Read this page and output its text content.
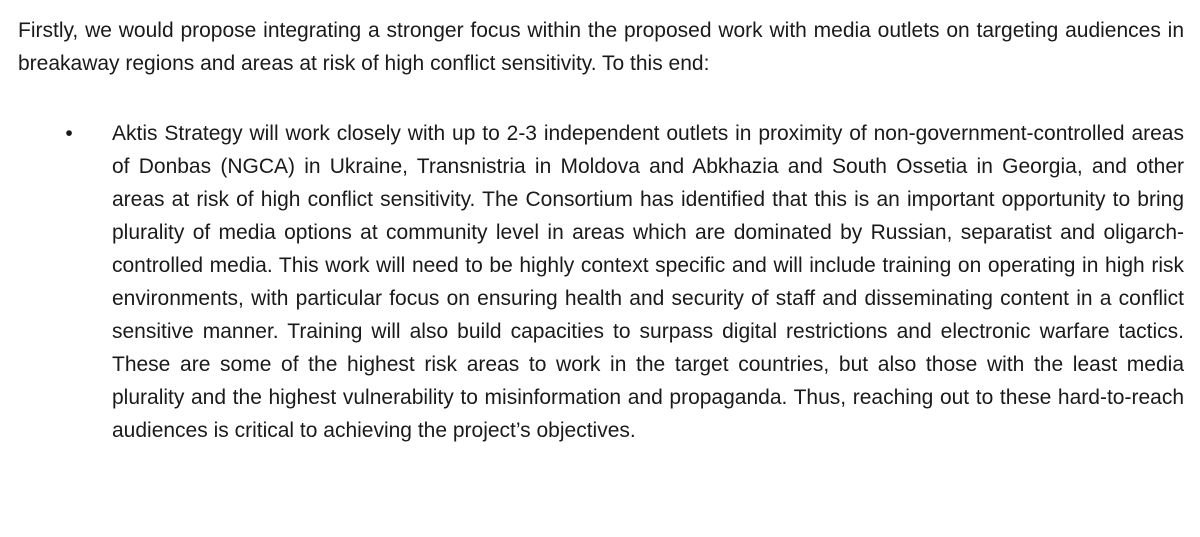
Firstly, we would propose integrating a stronger focus within the proposed work with media outlets on targeting audiences in breakaway regions and areas at risk of high conflict sensitivity. To this end:

• Aktis Strategy will work closely with up to 2-3 independent outlets in proximity of non-government-controlled areas of Donbas (NGCA) in Ukraine, Transnistria in Moldova and Abkhazia and South Ossetia in Georgia, and other areas at risk of high conflict sensitivity. The Consortium has identified that this is an important opportunity to bring plurality of media options at community level in areas which are dominated by Russian, separatist and oligarch-controlled media. This work will need to be highly context specific and will include training on operating in high risk environments, with particular focus on ensuring health and security of staff and disseminating content in a conflict sensitive manner. Training will also build capacities to surpass digital restrictions and electronic warfare tactics. These are some of the highest risk areas to work in the target countries, but also those with the least media plurality and the highest vulnerability to misinformation and propaganda. Thus, reaching out to these hard-to-reach audiences is critical to achieving the project’s objectives.
